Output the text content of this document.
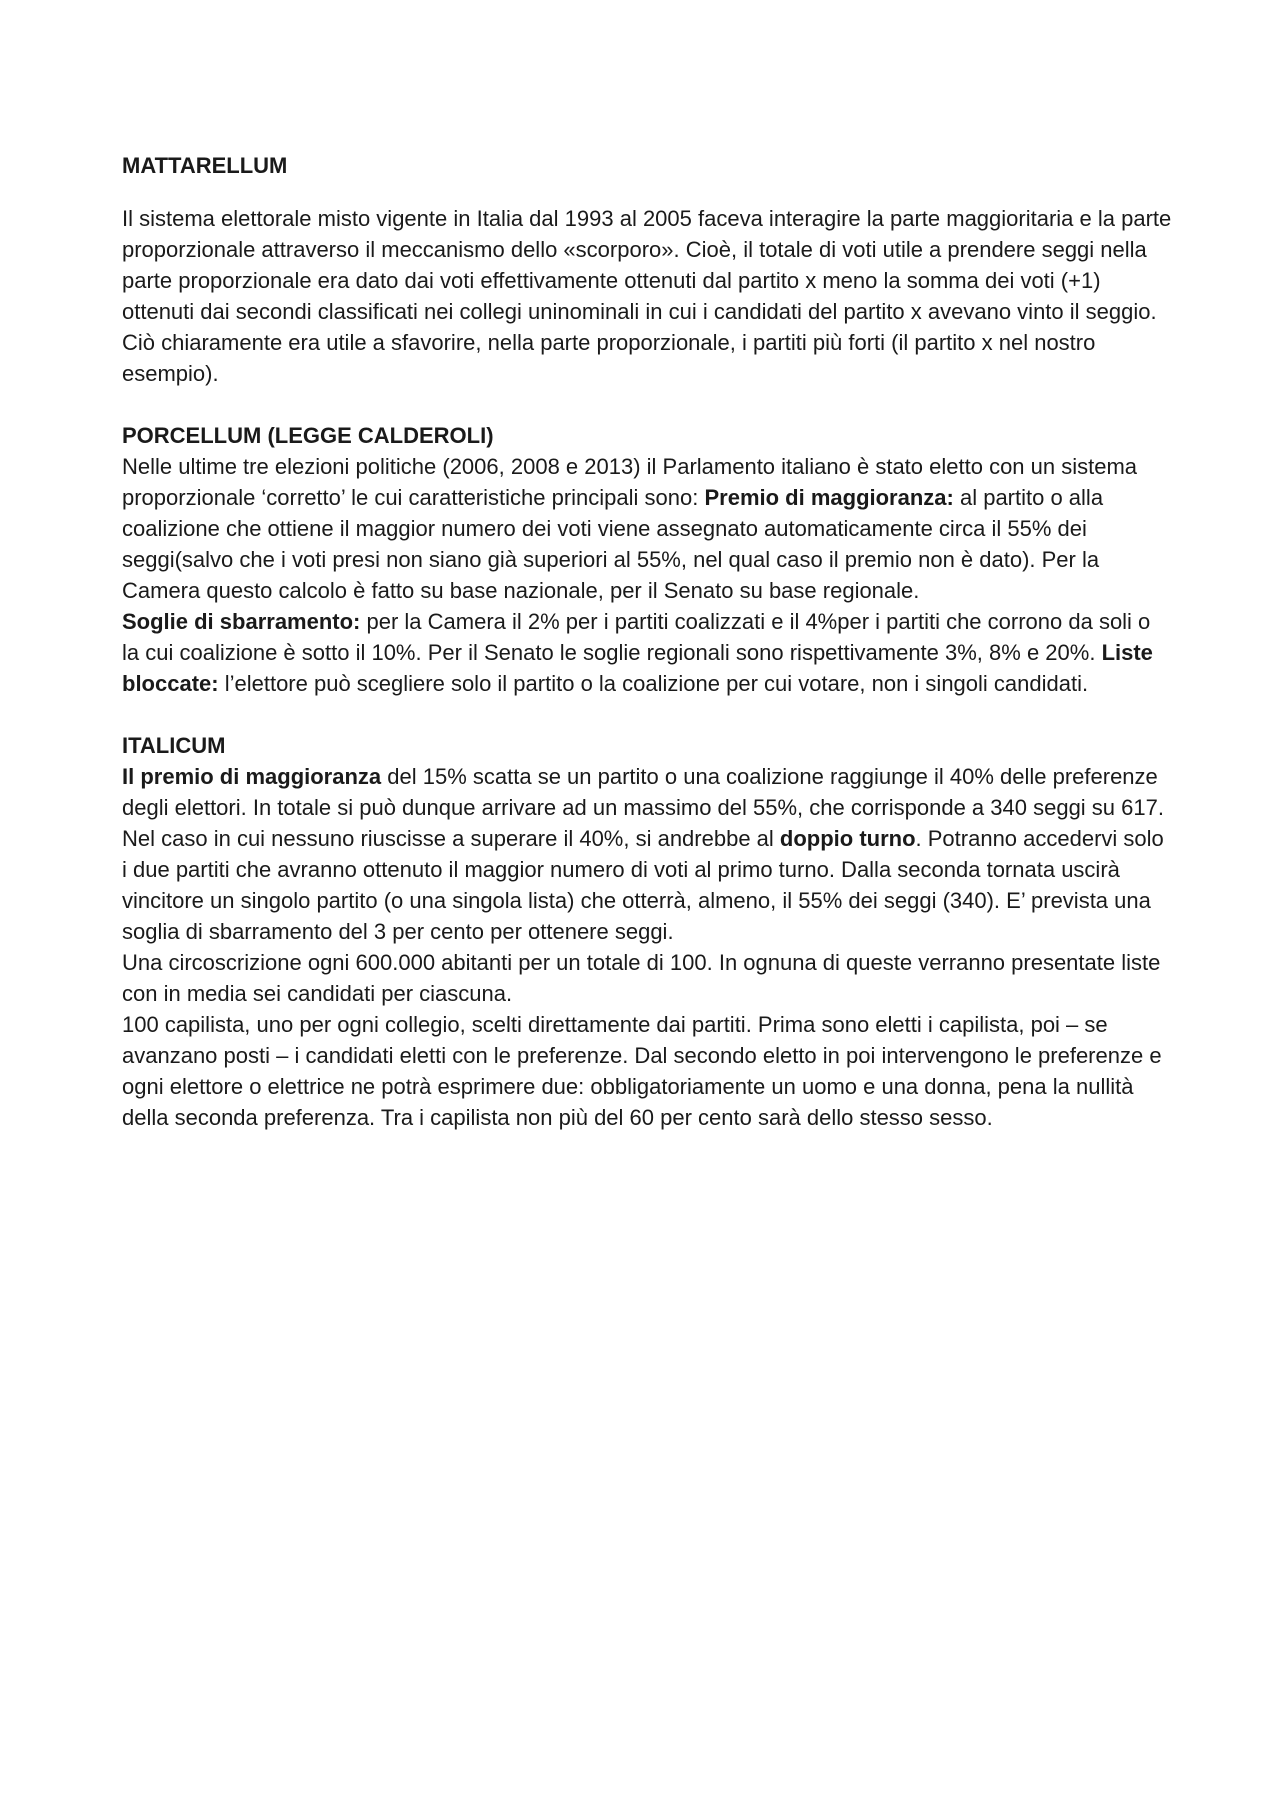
MATTARELLUM

Il sistema elettorale misto vigente in Italia dal 1993 al 2005 faceva interagire la parte maggioritaria e la parte proporzionale attraverso il meccanismo dello «scorporo». Cioè, il totale di voti utile a prendere seggi nella parte proporzionale era dato dai voti effettivamente ottenuti dal partito x meno la somma dei voti (+1) ottenuti dai secondi classificati nei collegi uninominali in cui i candidati del partito x avevano vinto il seggio. Ciò chiaramente era utile a sfavorire, nella parte proporzionale, i partiti più forti (il partito x nel nostro esempio).

PORCELLUM (LEGGE CALDEROLI)

Nelle ultime tre elezioni politiche (2006, 2008 e 2013) il Parlamento italiano è stato eletto con un sistema proporzionale ‘corretto’ le cui caratteristiche principali sono: Premio di maggioranza: al partito o alla coalizione che ottiene il maggior numero dei voti viene assegnato automaticamente circa il 55% dei seggi(salvo che i voti presi non siano già superiori al 55%, nel qual caso il premio non è dato). Per la Camera questo calcolo è fatto su base nazionale, per il Senato su base regionale.

Soglie di sbarramento: per la Camera il 2% per i partiti coalizzati e il 4%per i partiti che corrono da soli o la cui coalizione è sotto il 10%. Per il Senato le soglie regionali sono rispettivamente 3%, 8% e 20%. Liste bloccate: l’elettore può scegliere solo il partito o la coalizione per cui votare, non i singoli candidati.

ITALICUM

Il premio di maggioranza del 15% scatta se un partito o una coalizione raggiunge il 40% delle preferenze degli elettori. In totale si può dunque arrivare ad un massimo del 55%, che corrisponde a 340 seggi su 617.

Nel caso in cui nessuno riuscisse a superare il 40%, si andrebbe al doppio turno. Potranno accedervi solo i due partiti che avranno ottenuto il maggior numero di voti al primo turno. Dalla seconda tornata uscirà vincitore un singolo partito (o una singola lista) che otterrà, almeno, il 55% dei seggi (340). E’ prevista una soglia di sbarramento del 3 per cento per ottenere seggi.

Una circoscrizione ogni 600.000 abitanti per un totale di 100. In ognuna di queste verranno presentate liste con in media sei candidati per ciascuna.

100 capilista, uno per ogni collegio, scelti direttamente dai partiti. Prima sono eletti i capilista, poi – se avanzano posti – i candidati eletti con le preferenze. Dal secondo eletto in poi intervengono le preferenze e ogni elettore o elettrice ne potrà esprimere due: obbligatoriamente un uomo e una donna, pena la nullità della seconda preferenza. Tra i capilista non più del 60 per cento sarà dello stesso sesso.
